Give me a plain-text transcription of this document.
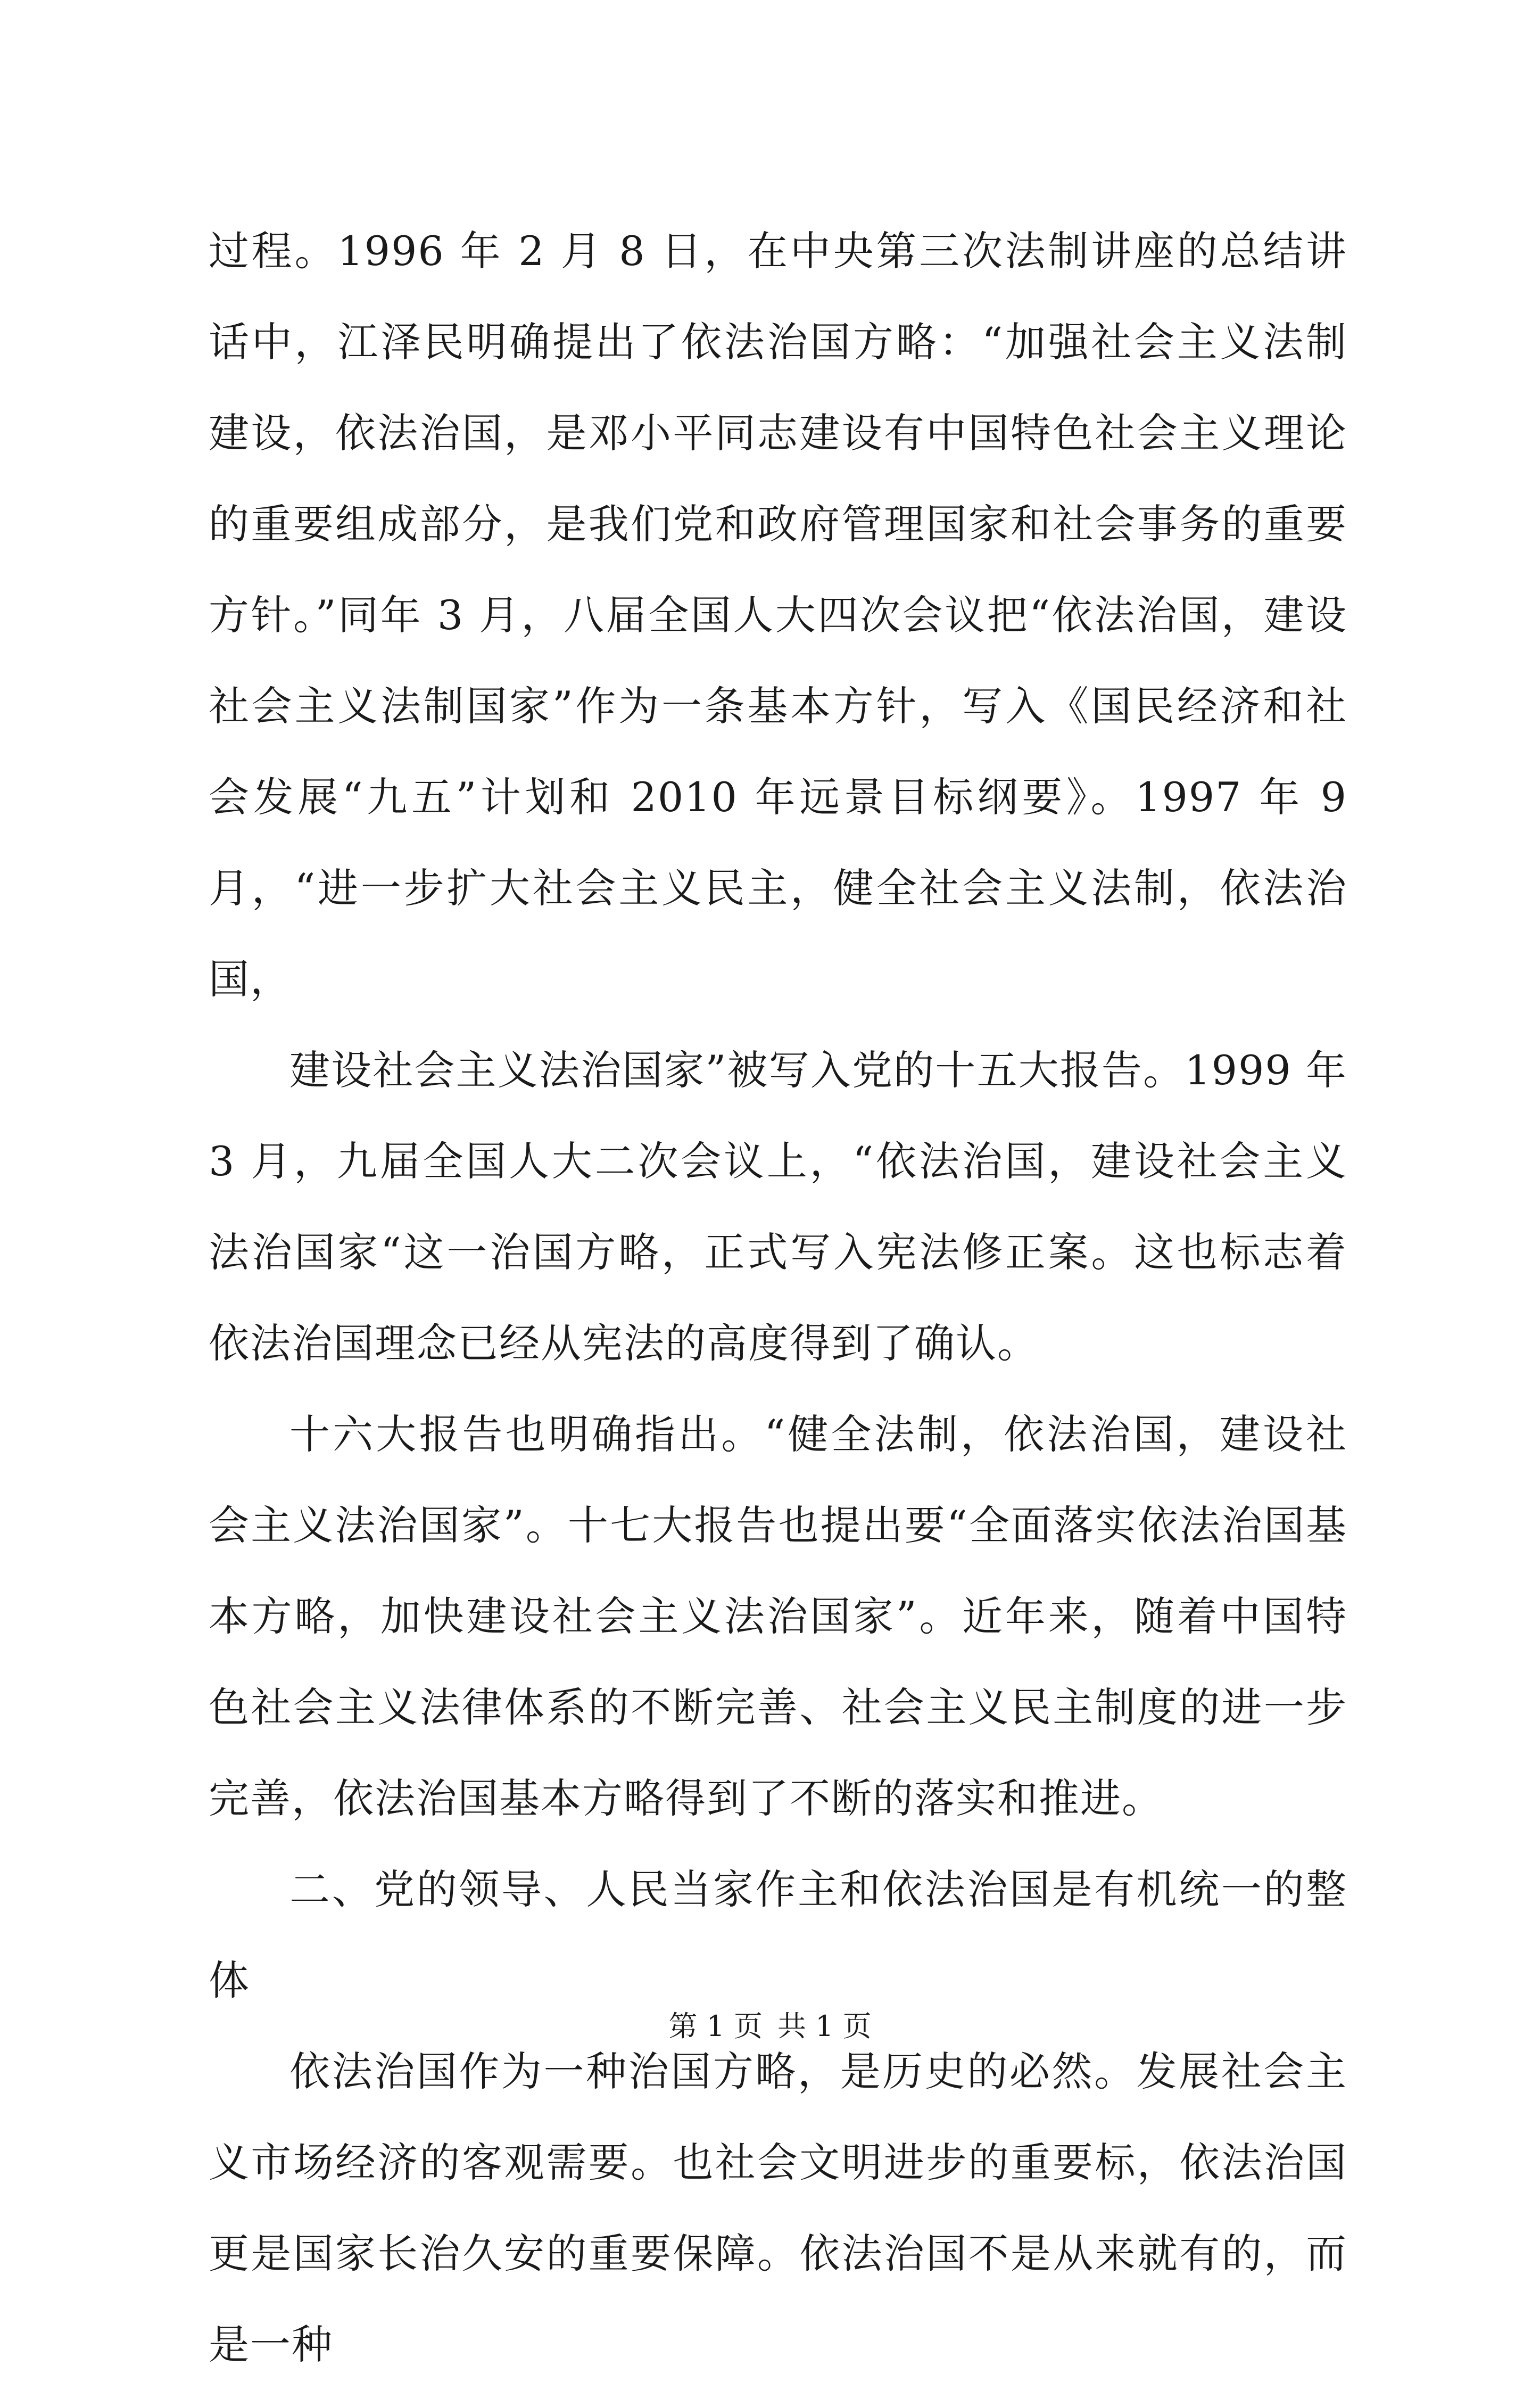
过程。1996 年 2 月 8 日，在中央第三次法制讲座的总结讲话中，江泽民明确提出了依法治国方略：“加强社会主义法制建设，依法治国，是邓小平同志建设有中国特色社会主义理论的重要组成部分，是我们党和政府管理国家和社会事务的重要方针。”同年 3 月，八届全国人大四次会议把“依法治国，建设社会主义法制国家”作为一条基本方针，写入《国民经济和社会发展“九五”计划和 2010 年远景目标纲要》。1997 年 9 月，“进一步扩大社会主义民主，健全社会主义法制，依法治国，

建设社会主义法治国家”被写入党的十五大报告。1999 年 3 月，九届全国人大二次会议上，“依法治国，建设社会主义法治国家“这一治国方略，正式写入宪法修正案。这也标志着依法治国理念已经从宪法的高度得到了确认。

十六大报告也明确指出。“健全法制，依法治国，建设社会主义法治国家”。十七大报告也提出要“全面落实依法治国基本方略，加快建设社会主义法治国家”。近年来，随着中国特色社会主义法律体系的不断完善、社会主义民主制度的进一步完善，依法治国基本方略得到了不断的落实和推进。

二、党的领导、人民当家作主和依法治国是有机统一的整体

依法治国作为一种治国方略，是历史的必然。发展社会主义市场经济的客观需要。也社会文明进步的重要标，依法治国更是国家长治久安的重要保障。依法治国不是从来就有的，而是一种

第 1 页 共 1 页
